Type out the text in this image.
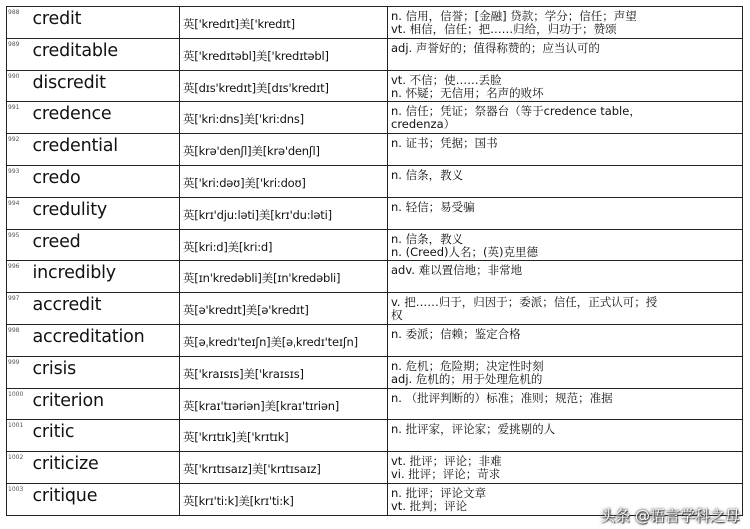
988	credit	英['kredɪt]美['kredɪt]	n. 信用，信誉；[金融] 贷款；学分；信任；声望
vt. 相信，信任；把……归给，归功于；赞颂

989	creditable	英['kredɪtəbl]美['kredɪtəbl]	adj. 声誉好的；值得称赞的；应当认可的

990	discredit	英[dɪs'kredɪt]美[dɪs'kredɪt]	vt. 不信；使……丢脸
n. 怀疑；无信用；名声的败坏

991	credence	英['kri:dns]美['kri:dns]	n. 信任；凭证；祭器台（等于credence table，
credenza）

992	credential	英[krə'denʃl]美[krə'denʃl]	n. 证书；凭据；国书

993	credo	英['kri:dəʊ]美['kri:doʊ]	n. 信条，教义

994	credulity	英[krɪ'dju:ləti]美[krɪ'du:ləti]	n. 轻信；易受骗

995	creed	英[kri:d]美[kri:d]	n. 信条，教义
n. (Creed)人名；(英)克里德

996	incredibly	英[ɪn'kredəbli]美[ɪn'kredəbli]	adv. 难以置信地；非常地

997	accredit	英[ə'kredɪt]美[ə'kredɪt]	v. 把……归于，归因于；委派；信任，正式认可；授
权

998	accreditation	英[əˌkredɪ'teɪʃn]美[əˌkredɪ'teɪʃn]	n. 委派；信赖；鉴定合格

999	crisis	英['kraɪsɪs]美['kraɪsɪs]	n. 危机；危险期；决定性时刻
adj. 危机的；用于处理危机的

1000	criterion	英[kraɪ'tɪəriən]美[kraɪ'tɪriən]	n. （批评判断的）标准；准则；规范；准据

1001	critic	英['krɪtɪk]美['krɪtɪk]	n. 批评家，评论家；爱挑剔的人

1002	criticize	英['krɪtɪsaɪz]美['krɪtɪsaɪz]	vt. 批评；评论；非难
vi. 批评；评论；苛求

1003	critique	英[krɪ'ti:k]美[krɪ'ti:k]	n. 批评；评论文章
vt. 批判；评论
头条 @语言学科之母
